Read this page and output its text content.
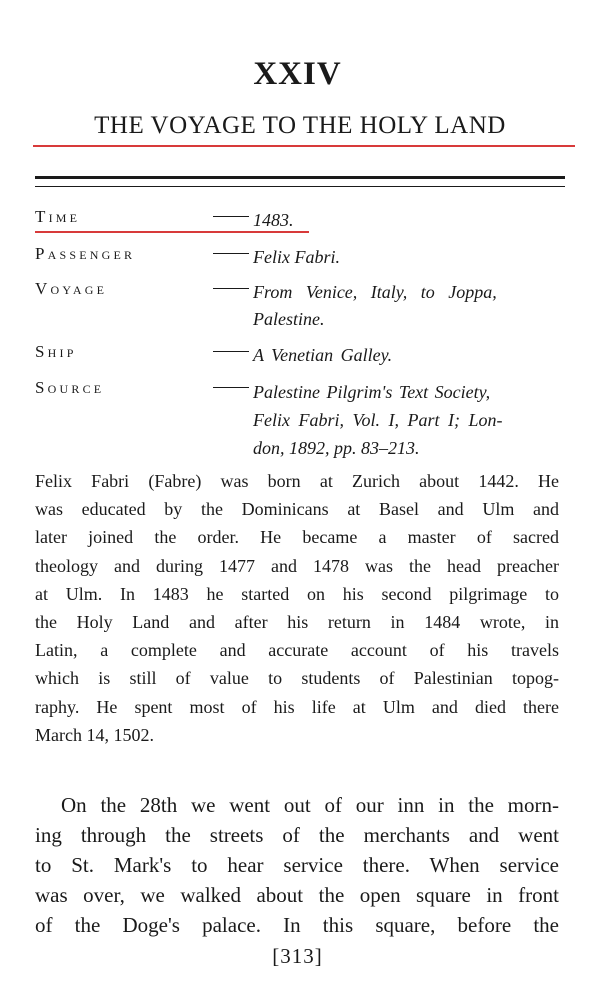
XXIV
THE VOYAGE TO THE HOLY LAND
Time	1483.
Passenger	Felix Fabri.
Voyage	From Venice, Italy, to Joppa,
Palestine.
Ship	A Venetian Galley.
Source	Palestine Pilgrim's Text Society,
Felix Fabri, Vol. I, Part I; Lon-
don, 1892, pp. 83–213.
Felix Fabri (Fabre) was born at Zurich about 1442. He
was educated by the Dominicans at Basel and Ulm and
later joined the order. He became a master of sacred
theology and during 1477 and 1478 was the head preacher
at Ulm. In 1483 he started on his second pilgrimage to
the Holy Land and after his return in 1484 wrote, in
Latin, a complete and accurate account of his travels
which is still of value to students of Palestinian topog-
raphy. He spent most of his life at Ulm and died there
March 14, 1502.
On the 28th we went out of our inn in the morn-
ing through the streets of the merchants and went
to St. Mark's to hear service there. When service
was over, we walked about the open square in front
of the Doge's palace. In this square, before the
[313]
